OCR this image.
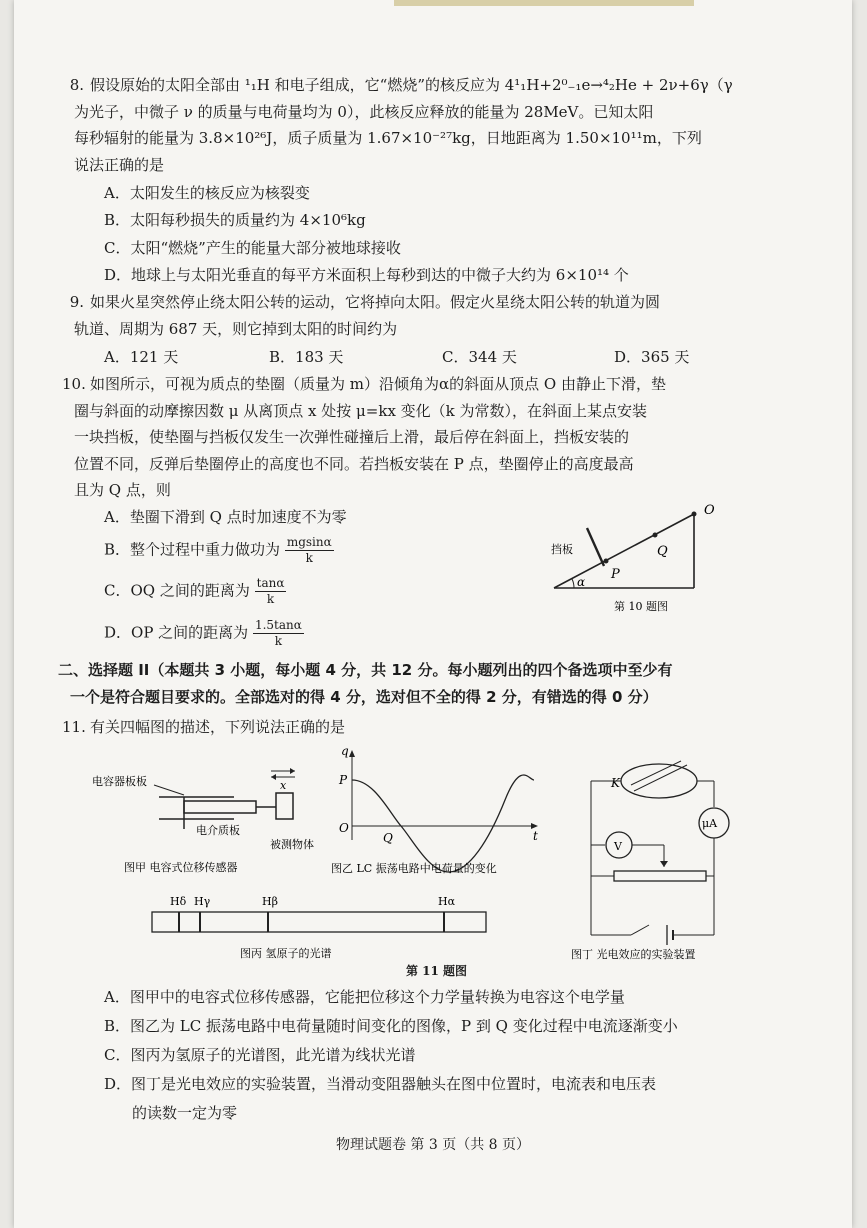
8. 假设原始的太阳全部由 ¹₁H 和电子组成，它“燃烧”的核反应为 4¹₁H+2⁰₋₁e→⁴₂He + 2ν+6γ（γ
为光子，中微子 ν 的质量与电荷量均为 0），此核反应释放的能量为 28MeV。已知太阳
每秒辐射的能量为 3.8×10²⁶J，质子质量为 1.67×10⁻²⁷kg，日地距离为 1.50×10¹¹m，下列
说法正确的是
A．太阳发生的核反应为核裂变
B．太阳每秒损失的质量约为 4×10⁶kg
C．太阳“燃烧”产生的能量大部分被地球接收
D．地球上与太阳光垂直的每平方米面积上每秒到达的中微子大约为 6×10¹⁴ 个
9. 如果火星突然停止绕太阳公转的运动，它将掉向太阳。假定火星绕太阳公转的轨道为圆
轨道、周期为 687 天，则它掉到太阳的时间约为
A．121 天	B．183 天	C．344 天	D．365 天
10. 如图所示，可视为质点的垫圈（质量为 m）沿倾角为α的斜面从顶点 O 由静止下滑，垫
圈与斜面的动摩擦因数 μ 从离顶点 x 处按 μ=kx 变化（k 为常数），在斜面上某点安装
一块挡板，使垫圈与挡板仅发生一次弹性碰撞后上滑，最后停在斜面上，挡板安装的
位置不同，反弹后垫圈停止的高度也不同。若挡板安装在 P 点，垫圈停止的高度最高
且为 Q 点，则
A．垫圈下滑到 Q 点时加速度不为零
B．整个过程中重力做功为 $\frac{mgsin\alpha}{k}$
C．OQ 之间的距离为 $\frac{\tan\alpha}{k}$
D．OP 之间的距离为 $\frac{1.5\tan\alpha}{k}$
O
Q
P
α
挡板
第 10 题图
二、选择题 II（本题共 3 小题，每小题 4 分，共 12 分。每小题列出的四个备选项中至少有
一个是符合题目要求的。全部选对的得 4 分，选对但不全的得 2 分，有错选的得 0 分）
11. 有关四幅图的描述，下列说法正确的是
电容器板板	x
电介质板
被测物体
图甲 电容式位移传感器
q
P
O
Q	t
图乙 LC 振荡电路中电荷量的变化
Hδ Hγ	Hβ	Hα
图丙 氢原子的光谱
第 11 题图
K
μA
V
图丁 光电效应的实验装置
A．图甲中的电容式位移传感器，它能把位移这个力学量转换为电容这个电学量
B．图乙为 LC 振荡电路中电荷量随时间变化的图像，P 到 Q 变化过程中电流逐渐变小
C．图丙为氢原子的光谱图，此光谱为线状光谱
D．图丁是光电效应的实验装置，当滑动变阻器触头在图中位置时，电流表和电压表
的读数一定为零
物理试题卷 第 3 页（共 8 页）
